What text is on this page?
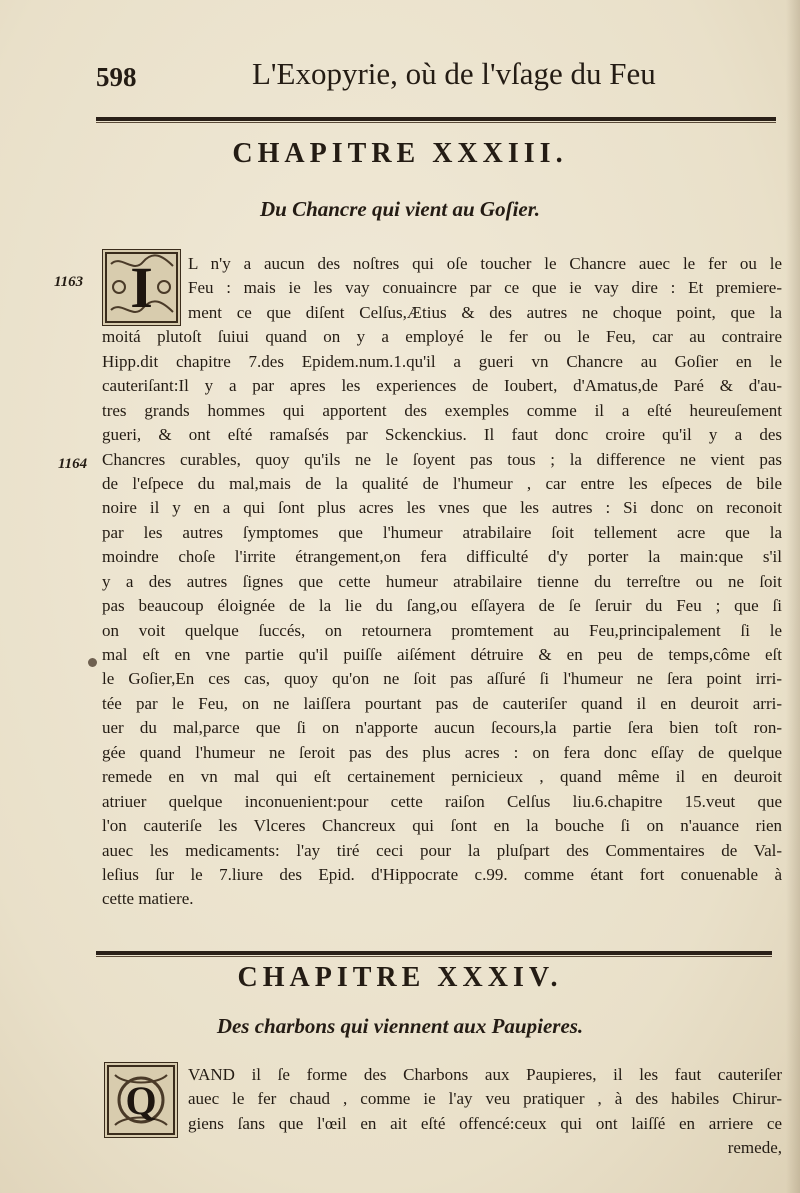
598	L'Exopyrie, où de l'vſage du Feu
CHAPITRE XXXIII.
Du Chancre qui vient au Goſier.
I
1163
1164
L n'y a aucun des noſtres qui oſe toucher le Chancre auec le fer ou le
Feu : mais ie les vay conuaincre par ce que ie vay dire : Et premiere-
ment ce que diſent Celſus,Ætius & des autres ne choque point, que la
moitá plutoſt ſuiui quand on y a employé le fer ou le Feu, car au contraire
Hipp.dit chapitre 7.des Epidem.num.1.qu'il a gueri vn Chancre au Goſier en le
cauteriſant:Il y a par apres les experiences de Ioubert, d'Amatus,de Paré & d'au-
tres grands hommes qui apportent des exemples comme il a eſté heureuſement
gueri, & ont eſté ramaſsés par Sckenckius. Il faut donc croire qu'il y a des
Chancres curables, quoy qu'ils ne le ſoyent pas tous ; la difference ne vient pas
de l'eſpece du mal,mais de la qualité de l'humeur , car entre les eſpeces de bile
noire il y en a qui ſont plus acres les vnes que les autres : Si donc on reconoit
par les autres ſymptomes que l'humeur atrabilaire ſoit tellement acre que la
moindre choſe l'irrite étrangement,on fera difficulté d'y porter la main:que s'il
y a des autres ſignes que cette humeur atrabilaire tienne du terreſtre ou ne ſoit
pas beaucoup éloignée de la lie du ſang,ou eſſayera de ſe ſeruir du Feu ; que ſi
on voit quelque ſuccés, on retournera promtement au Feu,principalement ſi le
mal eſt en vne partie qu'il puiſſe aiſément détruire & en peu de temps,côme eſt
le Goſier,En ces cas, quoy qu'on ne ſoit pas aſſuré ſi l'humeur ne ſera point irri-
tée par le Feu, on ne laiſſera pourtant pas de cauteriſer quand il en deuroit arri-
uer du mal,parce que ſi on n'apporte aucun ſecours,la partie ſera bien toſt ron-
gée quand l'humeur ne ſeroit pas des plus acres : on fera donc eſſay de quelque
remede en vn mal qui eſt certainement pernicieux , quand même il en deuroit
atriuer quelque inconuenient:pour cette raiſon Celſus liu.6.chapitre 15.veut que
l'on cauteriſe les Vlceres Chancreux qui ſont en la bouche ſi on n'auance rien
auec les medicaments: l'ay tiré ceci pour la pluſpart des Commentaires de Val-
leſius ſur le 7.liure des Epid. d'Hippocrate c.99. comme étant fort conuenable à
cette matiere.
CHAPITRE XXXIV.
Des charbons qui viennent aux Paupieres.
Q
VAND il ſe forme des Charbons aux Paupieres, il les faut cauteriſer
auec le fer chaud , comme ie l'ay veu pratiquer , à des habiles Chirur-
giens ſans que l'œil en ait eſté offencé:ceux qui ont laiſſé en arriere ce
remede,
